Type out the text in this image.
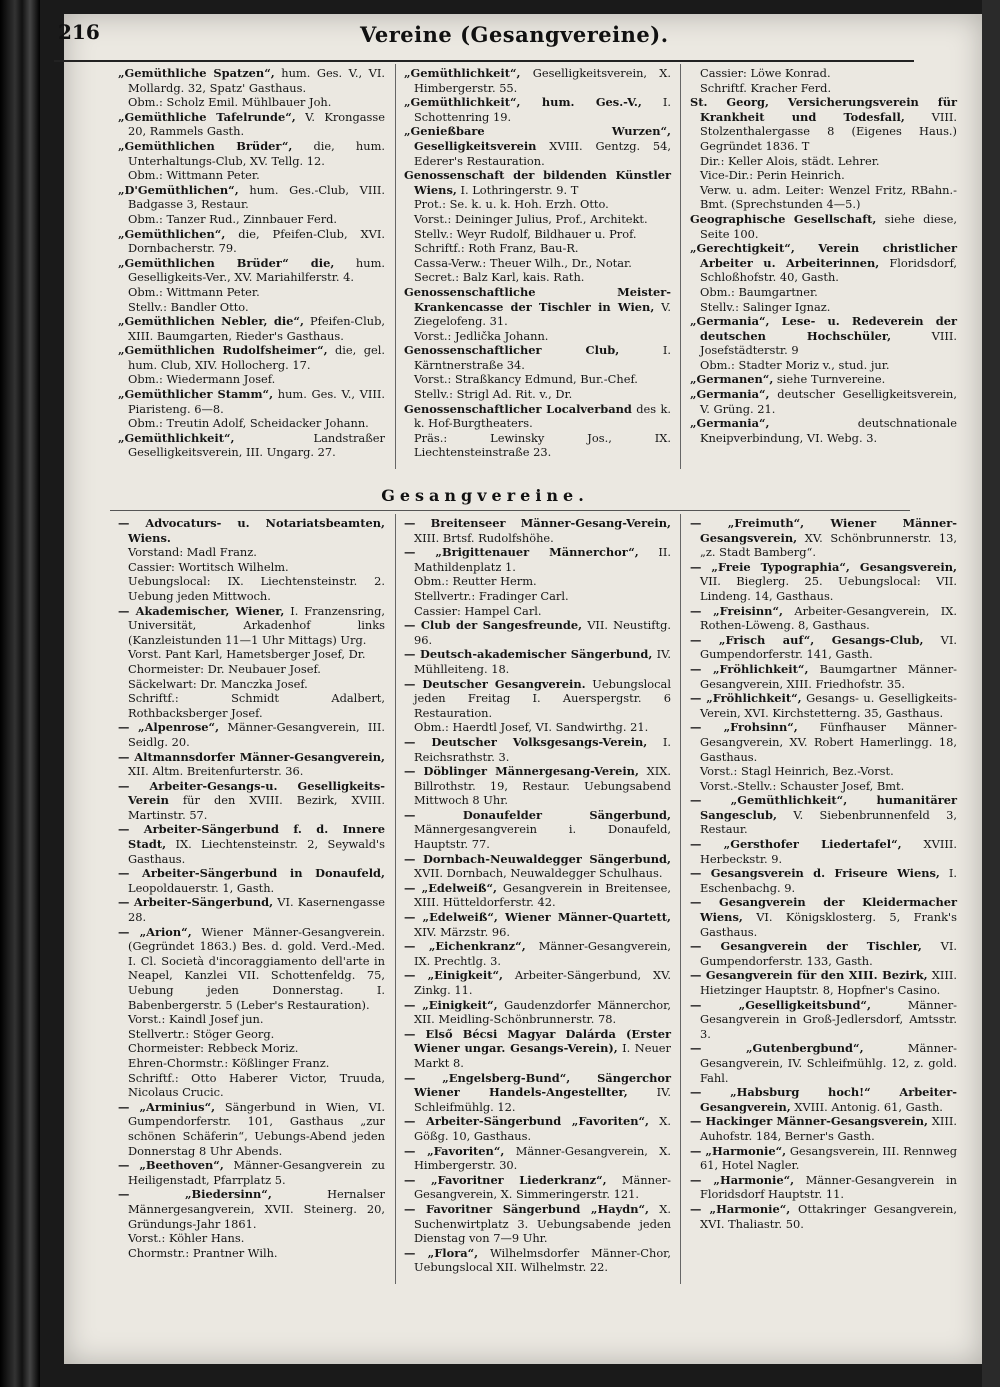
216	Vereine (Gesangvereine).

„Gemüthliche Spatzen“, hum. Ges. V., VI. Mollardg. 32, Spatz' Gasthaus.

Obm.: Scholz Emil. Mühlbauer Joh.

„Gemüthliche Tafelrunde“, V. Krongasse 20, Rammels Gasth.

„Gemüthlichen Brüder“, die, hum. Unterhaltungs-Club, XV. Tellg. 12.

Obm.: Wittmann Peter.

„D'Gemüthlichen“, hum. Ges.-Club, VIII. Badgasse 3, Restaur.

Obm.: Tanzer Rud., Zinnbauer Ferd.

„Gemüthlichen“, die, Pfeifen-Club, XVI. Dornbacherstr. 79.

„Gemüthlichen Brüder“ die, hum. Geselligkeits-Ver., XV. Mariahilferstr. 4.

Obm.: Wittmann Peter.

Stellv.: Bandler Otto.

„Gemüthlichen Nebler, die“, Pfeifen-Club, XIII. Baumgarten, Rieder's Gasthaus.

„Gemüthlichen Rudolfsheimer“, die, gel. hum. Club, XIV. Hollocherg. 17.

Obm.: Wiedermann Josef.

„Gemüthlicher Stamm“, hum. Ges. V., VIII. Piaristeng. 6—8.

Obm.: Treutin Adolf, Scheidacker Johann.

„Gemüthlichkeit“, Landstraßer Geselligkeitsverein, III. Ungarg. 27.

„Gemüthlichkeit“, Geselligkeitsverein, X. Himbergerstr. 55.

„Gemüthlichkeit“, hum. Ges.-V., I. Schottenring 19.

„Genießbare Wurzen“, Geselligkeitsverein XVIII. Gentzg. 54, Ederer's Restauration.

Genossenschaft der bildenden Künstler Wiens, I. Lothringerstr. 9. T

Prot.: Se. k. u. k. Hoh. Erzh. Otto.

Vorst.: Deininger Julius, Prof., Architekt.

Stellv.: Weyr Rudolf, Bildhauer u. Prof.

Schriftf.: Roth Franz, Bau-R.

Cassa-Verw.: Theuer Wilh., Dr., Notar.

Secret.: Balz Karl, kais. Rath.

Genossenschaftliche Meister-Krankencasse der Tischler in Wien, V. Ziegelofeng. 31.

Vorst.: Jedlička Johann.

Genossenschaftlicher Club, I. Kärntnerstraße 34.

Vorst.: Straßkancy Edmund, Bur.-Chef.

Stellv.: Strigl Ad. Rit. v., Dr.

Genossenschaftlicher Localverband des k. k. Hof-Burgtheaters.

Präs.: Lewinsky Jos., IX. Liechtensteinstraße 23.

Cassier: Löwe Konrad.

Schriftf. Kracher Ferd.

St. Georg, Versicherungsverein für Krankheit und Todesfall, VIII. Stolzenthalergasse 8 (Eigenes Haus.) Gegründet 1836. T

Dir.: Keller Alois, städt. Lehrer.

Vice-Dir.: Perin Heinrich.

Verw. u. adm. Leiter: Wenzel Fritz, RBahn.-Bmt. (Sprechstunden 4—5.)

Geographische Gesellschaft, siehe diese, Seite 100.

„Gerechtigkeit“, Verein christlicher Arbeiter u. Arbeiterinnen, Floridsdorf, Schloßhofstr. 40, Gasth.

Obm.: Baumgartner.

Stellv.: Salinger Ignaz.

„Germania“, Lese- u. Redeverein der deutschen Hochschüler, VIII. Josefstädterstr. 9

Obm.: Stadter Moriz v., stud. jur.

„Germanen“, siehe Turnvereine.

„Germania“, deutscher Geselligkeitsverein, V. Grüng. 21.

„Germania“, deutschnationale Kneipverbindung, VI. Webg. 3.

Gesangvereine.

— Advocaturs- u. Notariatsbeamten, Wiens.

Vorstand: Madl Franz.

Cassier: Wortitsch Wilhelm.

Uebungslocal: IX. Liechtensteinstr. 2. Uebung jeden Mittwoch.

— Akademischer, Wiener, I. Franzensring, Universität, Arkadenhof links (Kanzleistunden 11—1 Uhr Mittags) Urg.

Vorst. Pant Karl, Hametsberger Josef, Dr.

Chormeister: Dr. Neubauer Josef.

Säckelwart: Dr. Manczka Josef.

Schriftf.: Schmidt Adalbert, Rothbacksberger Josef.

— „Alpenrose“, Männer-Gesangverein, III. Seidlg. 20.

— Altmannsdorfer Männer-Gesangverein, XII. Altm. Breitenfurterstr. 36.

— Arbeiter-Gesangs-u. Geselligkeits-Verein für den XVIII. Bezirk, XVIII. Martinstr. 57.

— Arbeiter-Sängerbund f. d. Innere Stadt, IX. Liechtensteinstr. 2, Seywald's Gasthaus.

— Arbeiter-Sängerbund in Donaufeld, Leopoldauerstr. 1, Gasth.

— Arbeiter-Sängerbund, VI. Kasernengasse 28.

— „Arion“, Wiener Männer-Gesangverein. (Gegründet 1863.) Bes. d. gold. Verd.-Med. I. Cl. Società d'incoraggiamento dell'arte in Neapel, Kanzlei VII. Schottenfeldg. 75, Uebung jeden Donnerstag. I. Babenbergerstr. 5 (Leber's Restauration).

Vorst.: Kaindl Josef jun.

Stellvertr.: Stöger Georg.

Chormeister: Rebbeck Moriz.

Ehren-Chormstr.: Kößlinger Franz.

Schriftf.: Otto Haberer Victor, Truuda, Nicolaus Crucic.

— „Arminius“, Sängerbund in Wien, VI. Gumpendorferstr. 101, Gasthaus „zur schönen Schäferin“, Uebungs-Abend jeden Donnerstag 8 Uhr Abends.

— „Beethoven“, Männer-Gesangverein zu Heiligenstadt, Pfarrplatz 5.

— „Biedersinn“, Hernalser Männergesangverein, XVII. Steinerg. 20, Gründungs-Jahr 1861.

Vorst.: Köhler Hans.

Chormstr.: Prantner Wilh.

— Breitenseer Männer-Gesang-Verein, XIII. Brtsf. Rudolfshöhe.

— „Brigittenauer Männerchor“, II. Mathildenplatz 1.

Obm.: Reutter Herm.

Stellvertr.: Fradinger Carl.

Cassier: Hampel Carl.

— Club der Sangesfreunde, VII. Neustiftg. 96.

— Deutsch-akademischer Sängerbund, IV. Mühlleiteng. 18.

— Deutscher Gesangverein. Uebungslocal jeden Freitag I. Auerspergstr. 6 Restauration.

Obm.: Haerdtl Josef, VI. Sandwirthg. 21.

— Deutscher Volksgesangs-Verein, I. Reichsrathstr. 3.

— Döblinger Männergesang-Verein, XIX. Billrothstr. 19, Restaur. Uebungsabend Mittwoch 8 Uhr.

— Donaufelder Sängerbund, Männergesangverein i. Donaufeld, Hauptstr. 77.

— Dornbach-Neuwaldegger Sängerbund, XVII. Dornbach, Neuwaldegger Schulhaus.

— „Edelweiß“, Gesangverein in Breitensee, XIII. Hütteldorferstr. 42.

— „Edelweiß“, Wiener Männer-Quartett, XIV. Märzstr. 96.

— „Eichenkranz“, Männer-Gesangverein, IX. Prechtlg. 3.

— „Einigkeit“, Arbeiter-Sängerbund, XV. Zinkg. 11.

— „Einigkeit“, Gaudenzdorfer Männerchor, XII. Meidling-Schönbrunnerstr. 78.

— Első Bécsi Magyar Dalárda (Erster Wiener ungar. Gesangs-Verein), I. Neuer Markt 8.

— „Engelsberg-Bund“, Sängerchor Wiener Handels-Angestellter, IV. Schleifmühlg. 12.

— Arbeiter-Sängerbund „Favoriten“, X. Gößg. 10, Gasthaus.

— „Favoriten“, Männer-Gesangverein, X. Himbergerstr. 30.

— „Favoritner Liederkranz“, Männer-Gesangverein, X. Simmeringerstr. 121.

— Favoritner Sängerbund „Haydn“, X. Suchenwirtplatz 3. Uebungsabende jeden Dienstag von 7—9 Uhr.

— „Flora“, Wilhelmsdorfer Männer-Chor, Uebungslocal XII. Wilhelmstr. 22.

— „Freimuth“, Wiener Männer-Gesangsverein, XV. Schönbrunnerstr. 13, „z. Stadt Bamberg“.

— „Freie Typographia“, Gesangsverein, VII. Bieglerg. 25. Uebungslocal: VII. Lindeng. 14, Gasthaus.

— „Freisinn“, Arbeiter-Gesangverein, IX. Rothen-Löweng. 8, Gasthaus.

— „Frisch auf“, Gesangs-Club, VI. Gumpendorferstr. 141, Gasth.

— „Fröhlichkeit“, Baumgartner Männer-Gesangverein, XIII. Friedhofstr. 35.

— „Fröhlichkeit“, Gesangs- u. Geselligkeits-Verein, XVI. Kirchstetterng. 35, Gasthaus.

— „Frohsinn“, Fünfhauser Männer-Gesangverein, XV. Robert Hamerlingg. 18, Gasthaus.

Vorst.: Stagl Heinrich, Bez.-Vorst.

Vorst.-Stellv.: Schauster Josef, Bmt.

— „Gemüthlichkeit“, humanitärer Sangesclub, V. Siebenbrunnenfeld 3, Restaur.

— „Gersthofer Liedertafel“, XVIII. Herbeckstr. 9.

— Gesangsverein d. Friseure Wiens, I. Eschenbachg. 9.

— Gesangverein der Kleidermacher Wiens, VI. Königsklosterg. 5, Frank's Gasthaus.

— Gesangverein der Tischler, VI. Gumpendorferstr. 133, Gasth.

— Gesangverein für den XIII. Bezirk, XIII. Hietzinger Hauptstr. 8, Hopfner's Casino.

— „Geselligkeitsbund“, Männer-Gesangverein in Groß-Jedlersdorf, Amtsstr. 3.

— „Gutenbergbund“, Männer-Gesangverein, IV. Schleifmühlg. 12, z. gold. Fahl.

— „Habsburg hoch!“ Arbeiter-Gesangverein, XVIII. Antonig. 61, Gasth.

— Hackinger Männer-Gesangsverein, XIII. Auhofstr. 184, Berner's Gasth.

— „Harmonie“, Gesangsverein, III. Rennweg 61, Hotel Nagler.

— „Harmonie“, Männer-Gesangverein in Floridsdorf Hauptstr. 11.

— „Harmonie“, Ottakringer Gesangverein, XVI. Thaliastr. 50.
